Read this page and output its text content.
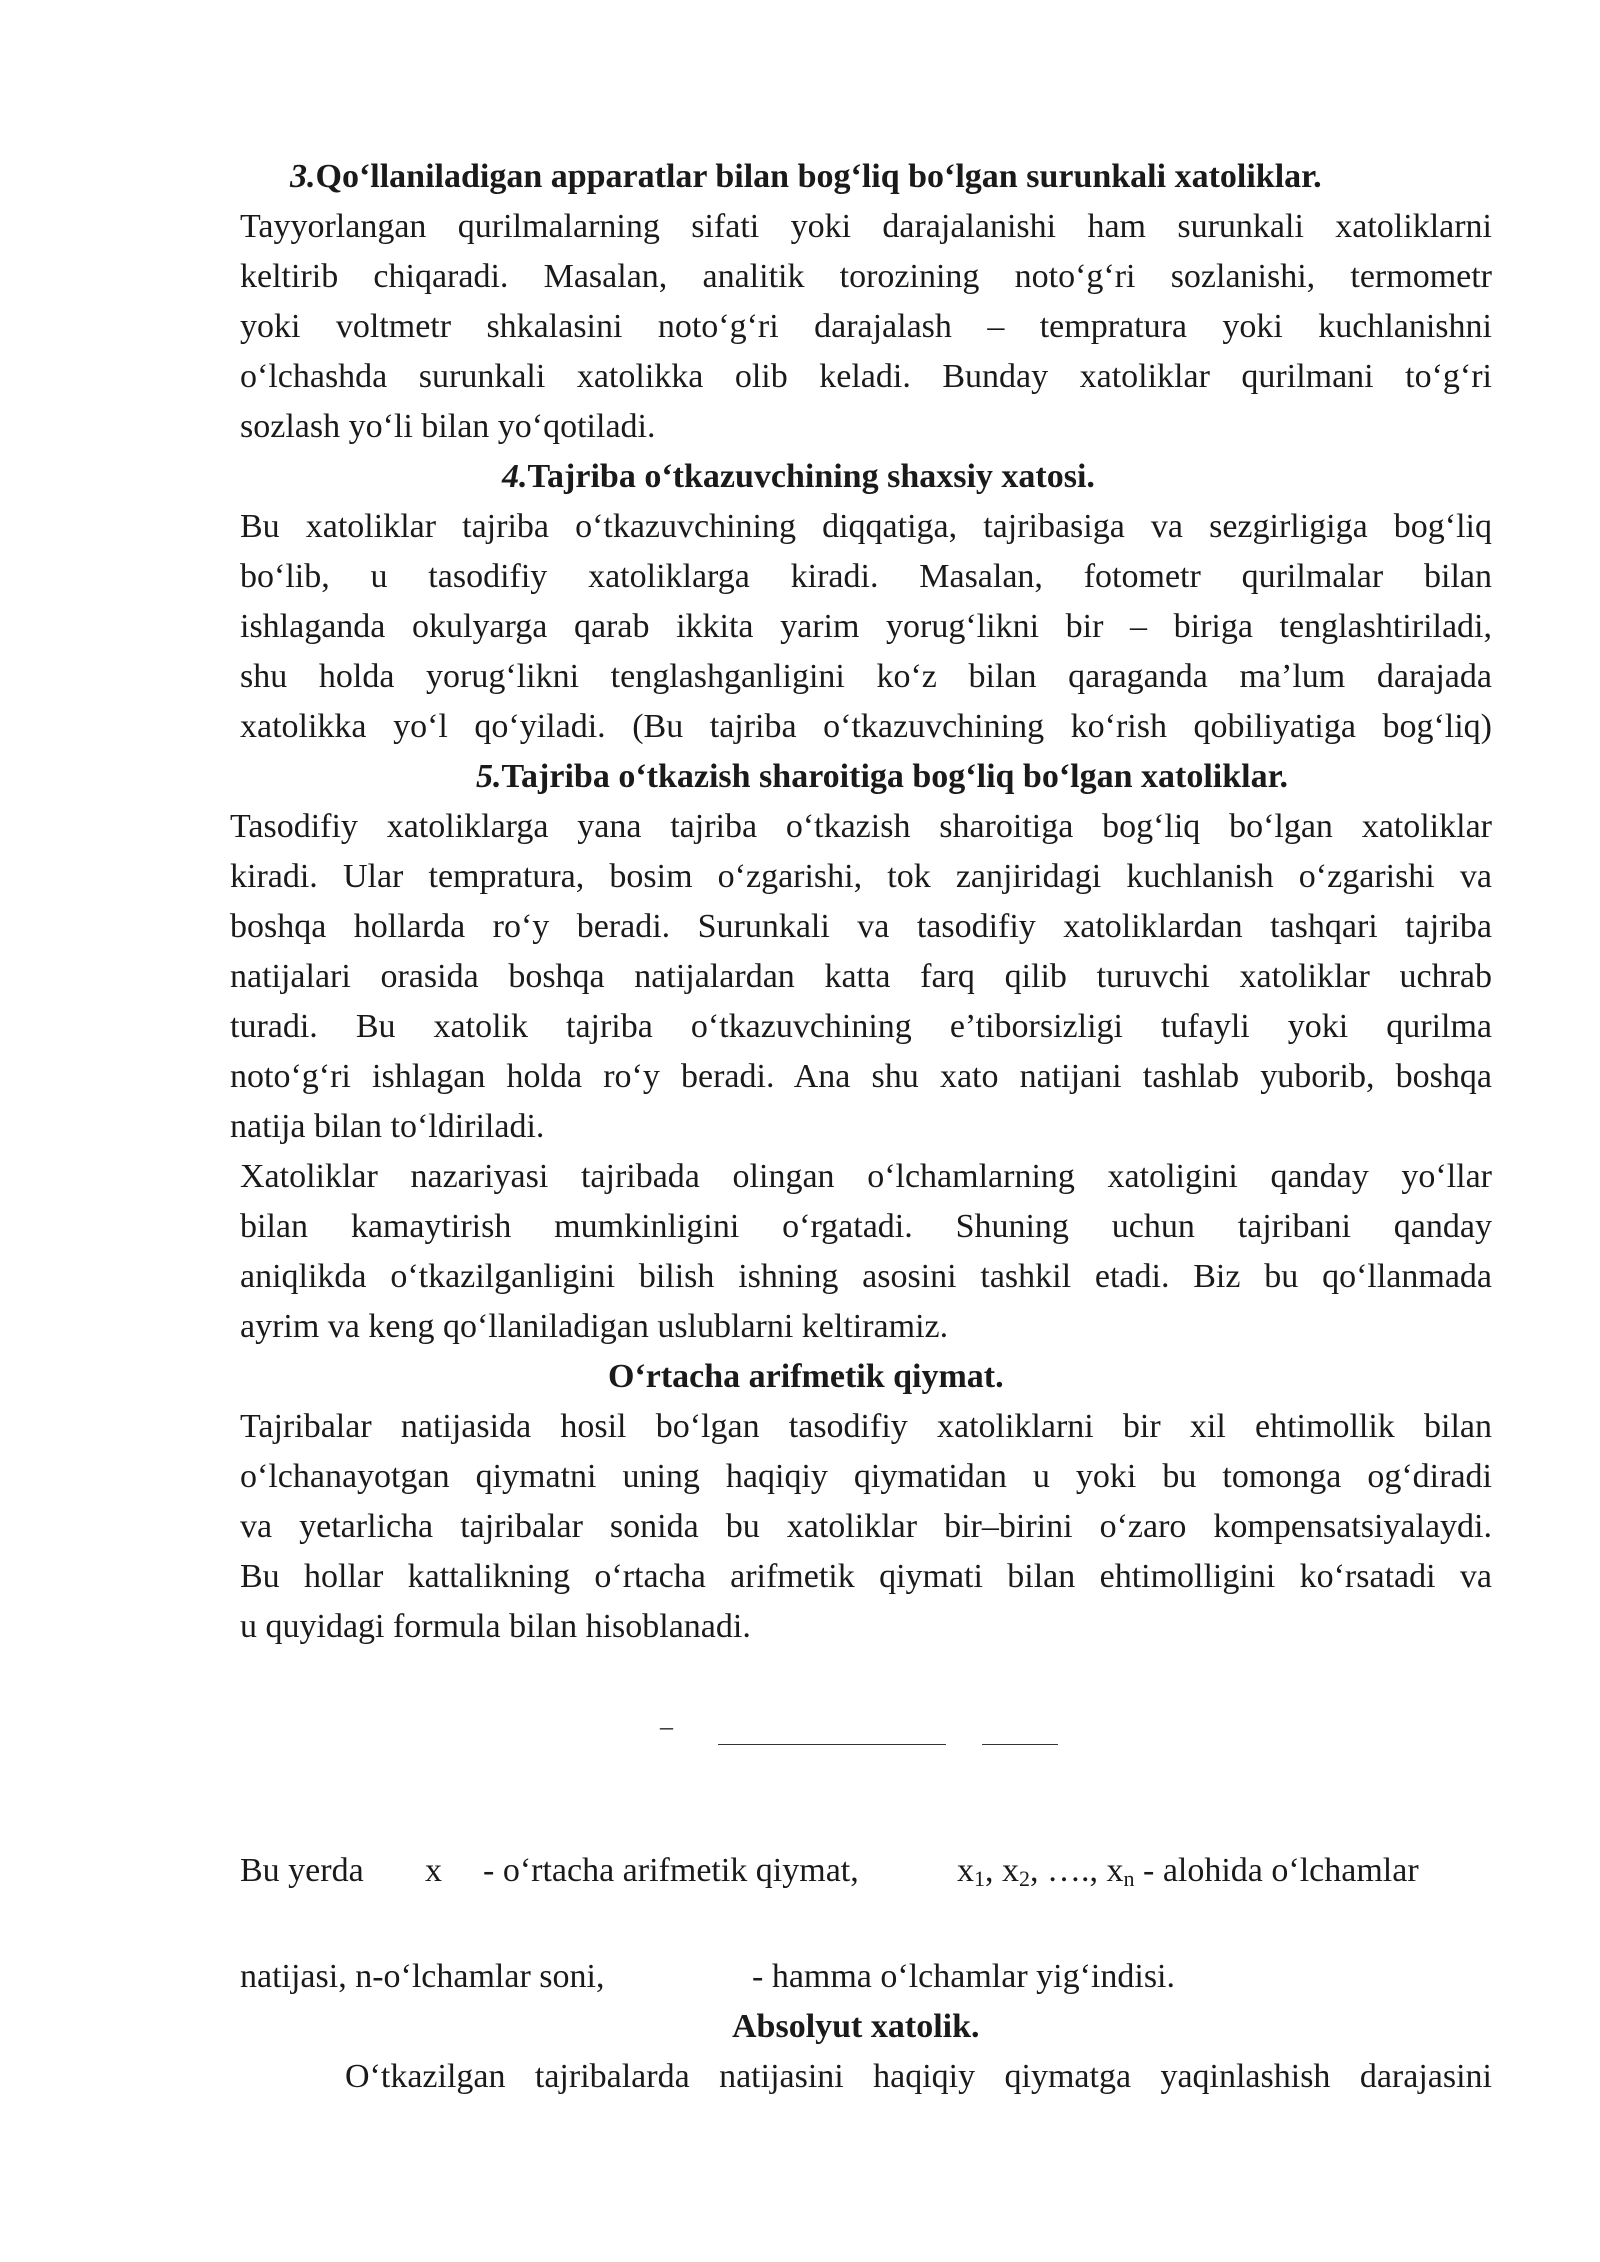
3.Qo‘llaniladigan apparatlar bilan bog‘liq bo‘lgan surunkali xatoliklar.
Tayyorlangan qurilmalarning sifati yoki darajalanishi ham surunkali xatoliklarni
keltirib chiqaradi. Masalan, analitik torozining noto‘g‘ri sozlanishi, termometr
yoki voltmetr shkalasini noto‘g‘ri darajalash – tempratura yoki kuchlanishni
o‘lchashda surunkali xatolikka olib keladi. Bunday xatoliklar qurilmani to‘g‘ri
sozlash yo‘li bilan yo‘qotiladi.
4.Tajriba o‘tkazuvchining shaxsiy xatosi.
Bu xatoliklar tajriba o‘tkazuvchining diqqatiga, tajribasiga va sezgirligiga bog‘liq
bo‘lib, u tasodifiy xatoliklarga kiradi. Masalan, fotometr qurilmalar bilan
ishlaganda okulyarga qarab ikkita yarim yorug‘likni bir – biriga tenglashtiriladi,
shu holda yorug‘likni tenglashganligini ko‘z bilan qaraganda ma’lum darajada
xatolikka yo‘l qo‘yiladi. (Bu tajriba o‘tkazuvchining ko‘rish qobiliyatiga bog‘liq)
5.Tajriba o‘tkazish sharoitiga bog‘liq bo‘lgan xatoliklar.
Tasodifiy xatoliklarga yana tajriba o‘tkazish sharoitiga bog‘liq bo‘lgan xatoliklar
kiradi. Ular tempratura, bosim o‘zgarishi, tok zanjiridagi kuchlanish o‘zgarishi va
boshqa hollarda ro‘y beradi. Surunkali va tasodifiy xatoliklardan tashqari tajriba
natijalari orasida boshqa natijalardan katta farq qilib turuvchi xatoliklar uchrab
turadi. Bu xatolik tajriba o‘tkazuvchining e’tiborsizligi tufayli yoki qurilma
noto‘g‘ri ishlagan holda ro‘y beradi. Ana shu xato natijani tashlab yuborib, boshqa
natija bilan to‘ldiriladi.
Xatoliklar nazariyasi tajribada olingan o‘lchamlarning xatoligini qanday yo‘llar
bilan kamaytirish mumkinligini o‘rgatadi. Shuning uchun tajribani qanday
aniqlikda o‘tkazilganligini bilish ishning asosini tashkil etadi. Biz bu qo‘llanmada
ayrim va keng qo‘llaniladigan uslublarni keltiramiz.
O‘rtacha arifmetik qiymat.
Tajribalar natijasida hosil bo‘lgan tasodifiy xatoliklarni bir xil ehtimollik bilan
o‘lchanayotgan qiymatni uning haqiqiy qiymatidan u yoki bu tomonga og‘diradi
va yetarlicha tajribalar sonida bu xatoliklar bir–birini o‘zaro kompensatsiyalaydi.
Bu hollar kattalikning o‘rtacha arifmetik qiymati bilan ehtimolligini ko‘rsatadi va
u quyidagi formula bilan hisoblanadi.
–
Bu yerda x - o‘rtacha arifmetik qiymat,	$x_1$, $x_2$, …., $x_n$ - alohida o‘lchamlar
natijasi, n-o‘lchamlar soni,	- hamma o‘lchamlar yig‘indisi.
Absolyut xatolik.
O‘tkazilgan tajribalarda natijasini haqiqiy qiymatga yaqinlashish darajasini
